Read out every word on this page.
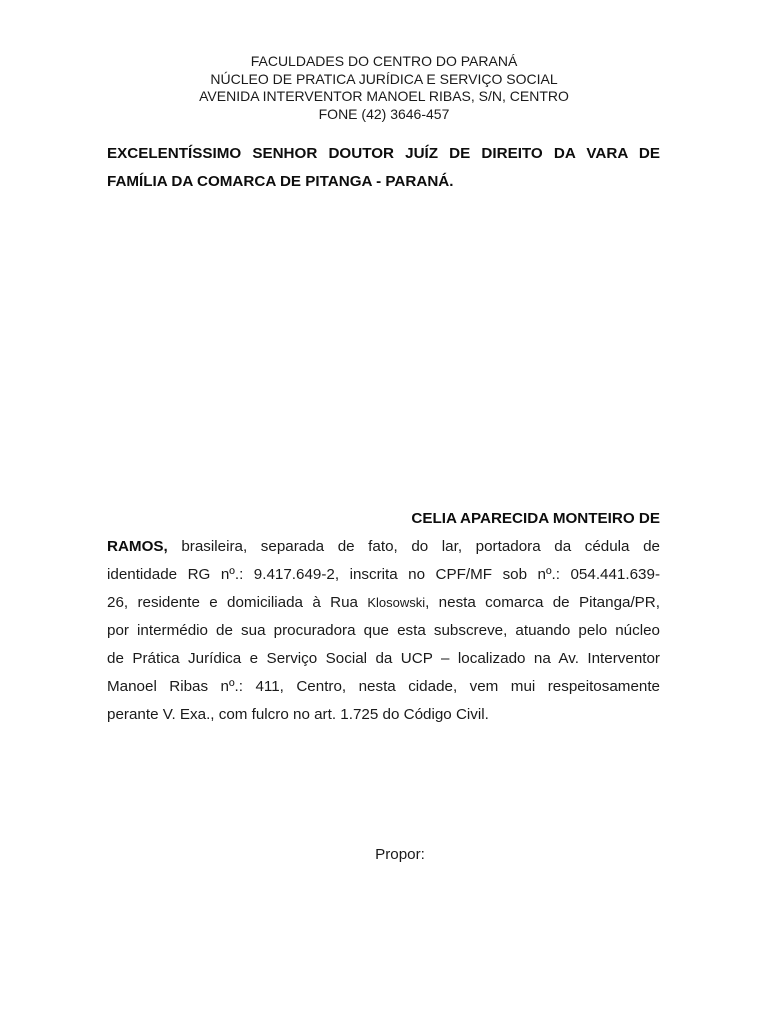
FACULDADES DO CENTRO DO PARANÁ
NÚCLEO DE PRATICA JURÍDICA E SERVIÇO SOCIAL
AVENIDA INTERVENTOR MANOEL RIBAS, S/N, CENTRO
FONE (42) 3646-457
EXCELENTÍSSIMO SENHOR DOUTOR JUÍZ DE DIREITO DA VARA DE
FAMÍLIA DA COMARCA DE PITANGA - PARANÁ.
CELIA APARECIDA MONTEIRO DE
RAMOS, brasileira, separada de fato, do lar, portadora da cédula de
identidade RG nº.: 9.417.649-2, inscrita no CPF/MF sob nº.: 054.441.639-
26, residente e domiciliada à Rua Klosowski, nesta comarca de Pitanga/PR,
por intermédio de sua procuradora que esta subscreve, atuando pelo núcleo
de Prática Jurídica e Serviço Social da UCP – localizado na Av. Interventor
Manoel Ribas nº.: 411, Centro, nesta cidade, vem mui respeitosamente
perante V. Exa., com fulcro no art. 1.725 do Código Civil.
Propor:
